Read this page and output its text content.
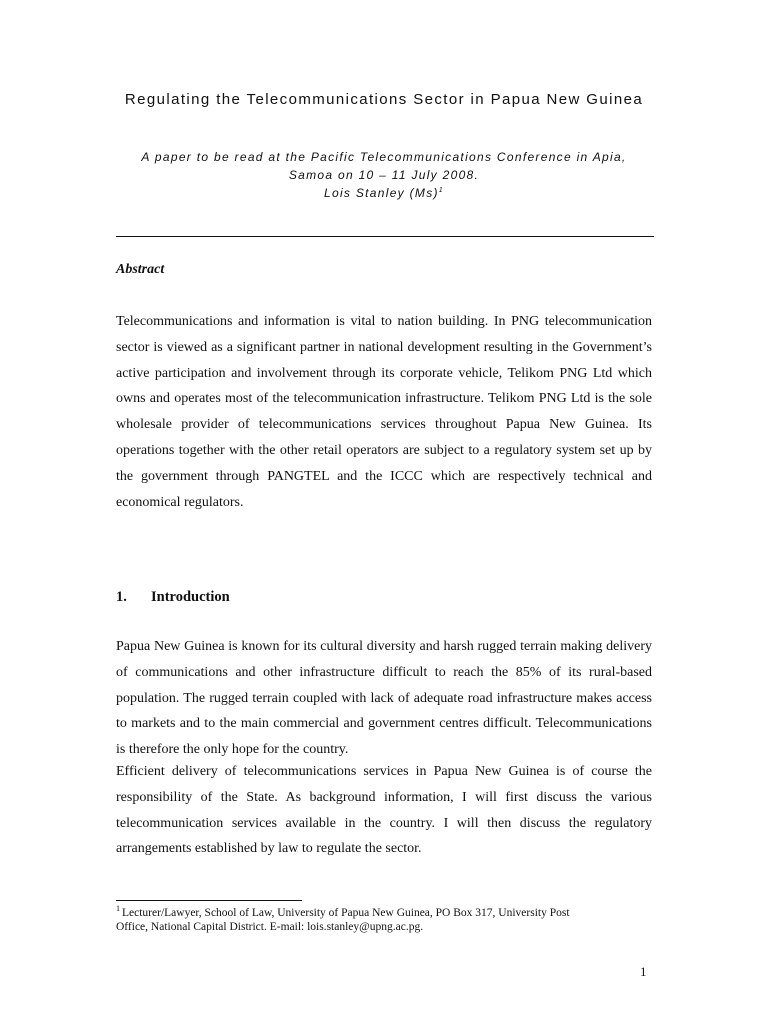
Regulating the Telecommunications Sector in Papua New Guinea

A paper to be read at the Pacific Telecommunications Conference in Apia,
Samoa on 10 – 11 July 2008.
Lois Stanley $(Ms)^1$

Abstract

Telecommunications and information is vital to nation building. In PNG telecommunication sector is viewed as a significant partner in national development resulting in the Government’s active participation and involvement through its corporate vehicle, Telikom PNG Ltd which owns and operates most of the telecommunication infrastructure. Telikom PNG Ltd is the sole wholesale provider of telecommunications services throughout Papua New Guinea. Its operations together with the other retail operators are subject to a regulatory system set up by the government through PANGTEL and the ICCC which are respectively technical and economical regulators.

1. Introduction

Papua New Guinea is known for its cultural diversity and harsh rugged terrain making delivery of communications and other infrastructure difficult to reach the 85% of its rural-based population. The rugged terrain coupled with lack of adequate road infrastructure makes access to markets and to the main commercial and government centres difficult. Telecommunications is therefore the only hope for the country.

Efficient delivery of telecommunications services in Papua New Guinea is of course the responsibility of the State. As background information, I will first discuss the various telecommunication services available in the country. I will then discuss the regulatory arrangements established by law to regulate the sector.

$^1$ Lecturer/Lawyer, School of Law, University of Papua New Guinea, PO Box 317, University Post
Office, National Capital District. E-mail: lois.stanley@upng.ac.pg.

1
